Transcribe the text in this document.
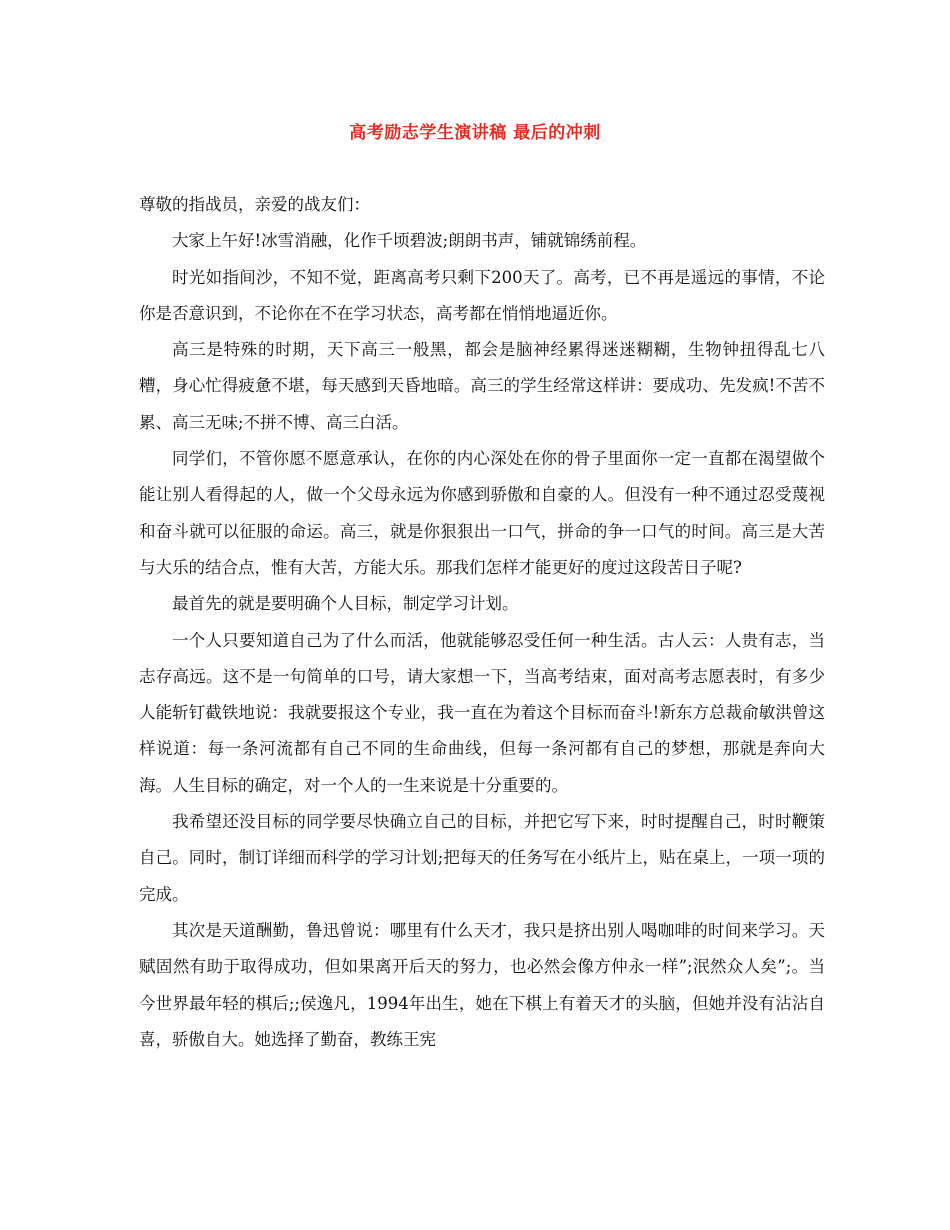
高考励志学生演讲稿 最后的冲刺

尊敬的指战员，亲爱的战友们：

大家上午好!冰雪消融，化作千顷碧波;朗朗书声，铺就锦绣前程。

时光如指间沙，不知不觉，距离高考只剩下200天了。高考，已不再是遥远的事情，不论你是否意识到，不论你在不在学习状态，高考都在悄悄地逼近你。

高三是特殊的时期，天下高三一般黑，都会是脑神经累得迷迷糊糊，生物钟扭得乱七八糟，身心忙得疲惫不堪，每天感到天昏地暗。高三的学生经常这样讲：要成功、先发疯!不苦不累、高三无味;不拼不博、高三白活。

同学们，不管你愿不愿意承认，在你的内心深处在你的骨子里面你一定一直都在渴望做个能让别人看得起的人，做一个父母永远为你感到骄傲和自豪的人。但没有一种不通过忍受蔑视和奋斗就可以征服的命运。高三，就是你狠狠出一口气，拼命的争一口气的时间。高三是大苦与大乐的结合点，惟有大苦，方能大乐。那我们怎样才能更好的度过这段苦日子呢?

最首先的就是要明确个人目标，制定学习计划。

一个人只要知道自己为了什么而活，他就能够忍受任何一种生活。古人云：人贵有志，当志存高远。这不是一句简单的口号，请大家想一下，当高考结束，面对高考志愿表时，有多少人能斩钉截铁地说：我就要报这个专业，我一直在为着这个目标而奋斗!新东方总裁俞敏洪曾这样说道：每一条河流都有自己不同的生命曲线，但每一条河都有自己的梦想，那就是奔向大海。人生目标的确定，对一个人的一生来说是十分重要的。

我希望还没目标的同学要尽快确立自己的目标，并把它写下来，时时提醒自己，时时鞭策自己。同时，制订详细而科学的学习计划;把每天的任务写在小纸片上，贴在桌上，一项一项的完成。

其次是天道酬勤，鲁迅曾说：哪里有什么天才，我只是挤出别人喝咖啡的时间来学习。天赋固然有助于取得成功，但如果离开后天的努力，也必然会像方仲永一样”;泯然众人矣”;。当今世界最年轻的棋后;;侯逸凡，1994年出生，她在下棋上有着天才的头脑，但她并没有沾沾自喜，骄傲自大。她选择了勤奋，教练王宪
